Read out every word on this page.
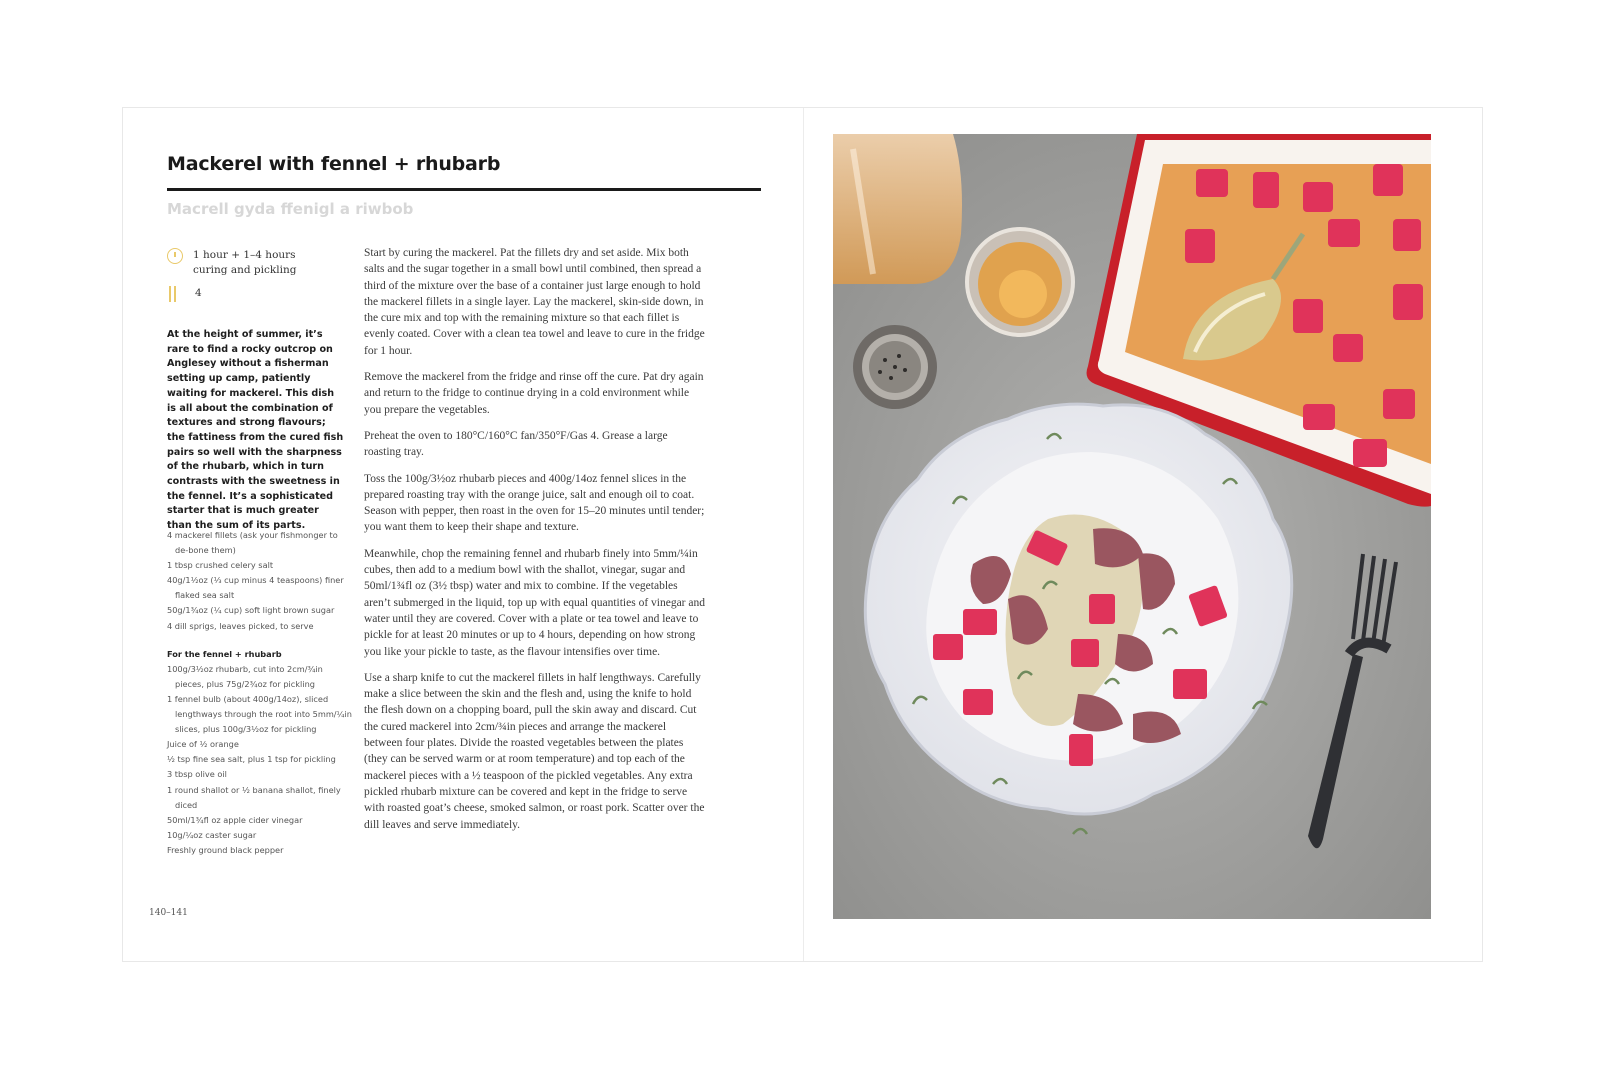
Mackerel with fennel + rhubarb
Macrell gyda ffenigl a riwbob
1 hour + 1–4 hours curing and pickling
4
At the height of summer, it’s rare to find a rocky outcrop on Anglesey without a fisherman setting up camp, patiently waiting for mackerel. This dish is all about the combination of textures and strong flavours; the fattiness from the cured fish pairs so well with the sharpness of the rhubarb, which in turn contrasts with the sweetness in the fennel. It’s a sophisticated starter that is much greater than the sum of its parts.
4 mackerel fillets (ask your fishmonger to de-bone them)
1 tbsp crushed celery salt
40g/1½oz (⅓ cup minus 4 teaspoons) finer flaked sea salt
50g/1¾oz (¼ cup) soft light brown sugar
4 dill sprigs, leaves picked, to serve
For the fennel + rhubarb
100g/3½oz rhubarb, cut into 2cm/¾in pieces, plus 75g/2¾oz for pickling
1 fennel bulb (about 400g/14oz), sliced lengthways through the root into 5mm/¼in slices, plus 100g/3½oz for pickling
Juice of ½ orange
½ tsp fine sea salt, plus 1 tsp for pickling
3 tbsp olive oil
1 round shallot or ½ banana shallot, finely diced
50ml/1¾fl oz apple cider vinegar
10g/¼oz caster sugar
Freshly ground black pepper

Start by curing the mackerel. Pat the fillets dry and set aside. Mix both salts and the sugar together in a small bowl until combined, then spread a third of the mixture over the base of a container just large enough to hold the mackerel fillets in a single layer. Lay the mackerel, skin-side down, in the cure mix and top with the remaining mixture so that each fillet is evenly coated. Cover with a clean tea towel and leave to cure in the fridge for 1 hour.

Remove the mackerel from the fridge and rinse off the cure. Pat dry again and return to the fridge to continue drying in a cold environment while you prepare the vegetables.

Preheat the oven to 180°C/160°C fan/350°F/Gas 4. Grease a large roasting tray.

Toss the 100g/3½oz rhubarb pieces and 400g/14oz fennel slices in the prepared roasting tray with the orange juice, salt and enough oil to coat. Season with pepper, then roast in the oven for 15–20 minutes until tender; you want them to keep their shape and texture.

Meanwhile, chop the remaining fennel and rhubarb finely into 5mm/¼in cubes, then add to a medium bowl with the shallot, vinegar, sugar and 50ml/1¾fl oz (3½ tbsp) water and mix to combine. If the vegetables aren’t submerged in the liquid, top up with equal quantities of vinegar and water until they are covered. Cover with a plate or tea towel and leave to pickle for at least 20 minutes or up to 4 hours, depending on how strong you like your pickle to taste, as the flavour intensifies over time.

Use a sharp knife to cut the mackerel fillets in half lengthways. Carefully make a slice between the skin and the flesh and, using the knife to hold the flesh down on a chopping board, pull the skin away and discard. Cut the cured mackerel into 2cm/¾in pieces and arrange the mackerel between four plates. Divide the roasted vegetables between the plates (they can be served warm or at room temperature) and top each of the mackerel pieces with a ½ teaspoon of the pickled vegetables. Any extra pickled rhubarb mixture can be covered and kept in the fridge to serve with roasted goat’s cheese, smoked salmon, or roast pork. Scatter over the dill leaves and serve immediately.

140–141
